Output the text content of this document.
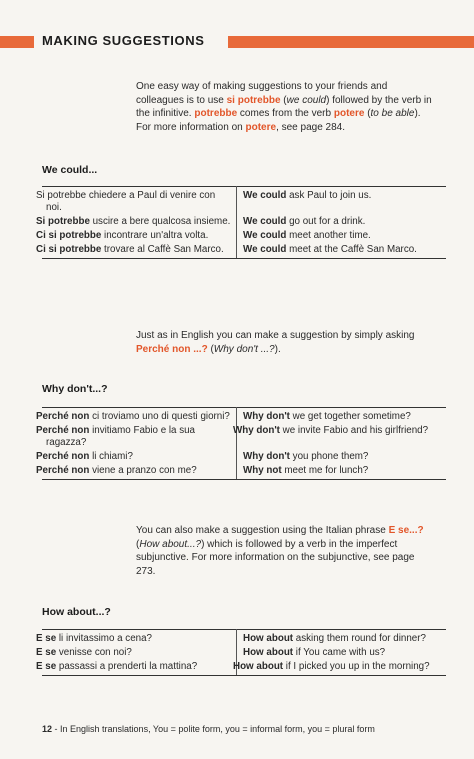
MAKING SUGGESTIONS
One easy way of making suggestions to your friends and colleagues is to use si potrebbe (we could) followed by the verb in the infinitive. potrebbe comes from the verb potere (to be able). For more information on potere, see page 284.
We could...
Si potrebbe chiedere a Paul di venire con noi.	We could ask Paul to join us.
Si potrebbe uscire a bere qualcosa insieme.	We could go out for a drink.
Ci si potrebbe incontrare un'altra volta.	We could meet another time.
Ci si potrebbe trovare al Caffè San Marco.	We could meet at the Caffè San Marco.
Just as in English you can make a suggestion by simply asking Perché non ...? (Why don't ...?).
Why don't...?
Perché non ci troviamo uno di questi giorni?	Why don't we get together sometime?
Perché non invitiamo Fabio e la sua ragazza?	Why don't we invite Fabio and his girlfriend?
Perché non li chiami?	Why don't you phone them?
Perché non viene a pranzo con me?	Why not meet me for lunch?
You can also make a suggestion using the Italian phrase E se...? (How about...?) which is followed by a verb in the imperfect subjunctive. For more information on the subjunctive, see page 273.
How about...?
E se li invitassimo a cena?	How about asking them round for dinner?
E se venisse con noi?	How about if You came with us?
E se passassi a prenderti la mattina?	How about if I picked you up in the morning?
12 - In English translations, You = polite form, you = informal form, you = plural form
